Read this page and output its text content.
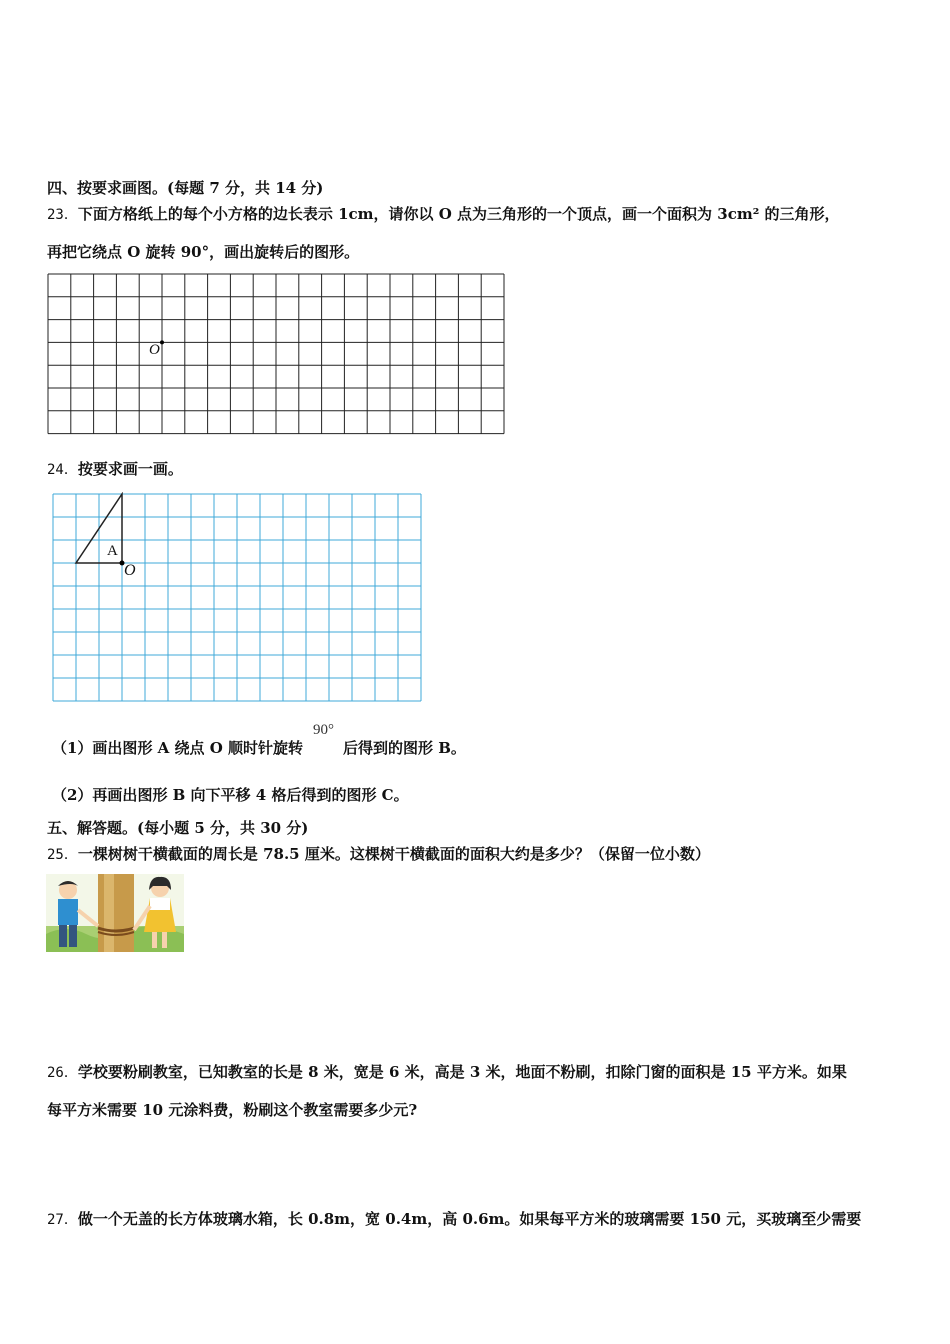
四、按要求画图。(每题 7 分，共 14 分)
23．下面方格纸上的每个小方格的边长表示 1cm，请你以 O 点为三角形的一个顶点，画一个面积为 3cm² 的三角形，
再把它绕点 O 旋转 90°，画出旋转后的图形。
O
24．按要求画一画。
A
O
（1）画出图形 A 绕点 O 顺时针旋转
90°
后得到的图形 B。
（2）再画出图形 B 向下平移 4 格后得到的图形 C。
五、解答题。(每小题 5 分，共 30 分)
25．一棵树树干横截面的周长是 78.5 厘米。这棵树干横截面的面积大约是多少？（保留一位小数）
26．学校要粉刷教室，已知教室的长是 8 米，宽是 6 米，高是 3 米，地面不粉刷，扣除门窗的面积是 15 平方米。如果
每平方米需要 10 元涂料费，粉刷这个教室需要多少元?
27．做一个无盖的长方体玻璃水箱，长 0.8m，宽 0.4m，高 0.6m。如果每平方米的玻璃需要 150 元，买玻璃至少需要
